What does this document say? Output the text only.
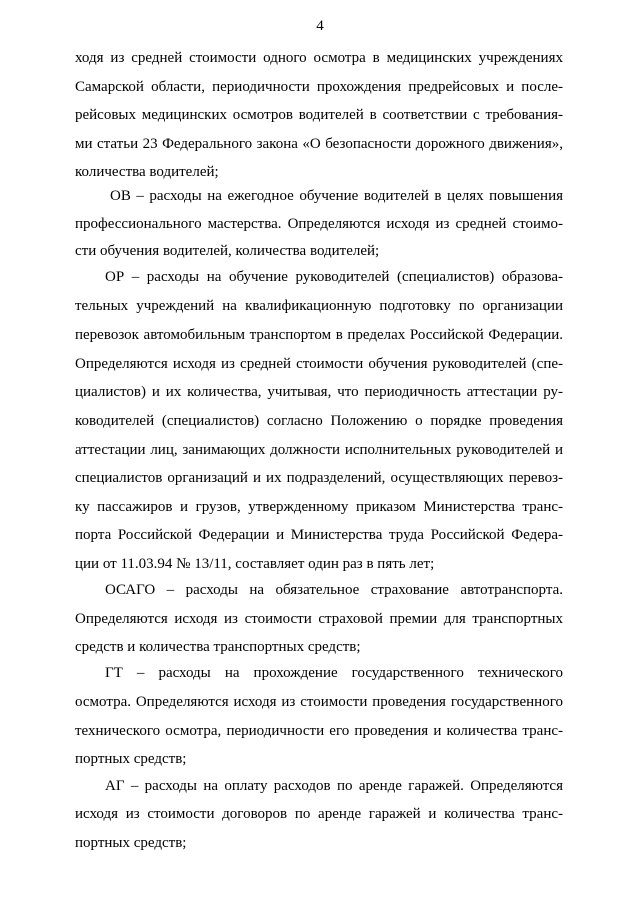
4
ходя из средней стоимости одного осмотра в медицинских учреждениях
Самарской области, периодичности прохождения предрейсовых и после-
рейсовых медицинских осмотров водителей в соответствии с требования-
ми статьи 23 Федерального закона «О безопасности дорожного движения»,
количества водителей;
ОВ – расходы на ежегодное обучение водителей в целях повышения
профессионального мастерства. Определяются исходя из средней стоимо-
сти обучения водителей, количества водителей;
ОР – расходы на обучение руководителей (специалистов) образова-
тельных учреждений на квалификационную подготовку по организации
перевозок автомобильным транспортом в пределах Российской Федерации.
Определяются исходя из средней стоимости обучения руководителей (спе-
циалистов) и их количества, учитывая, что периодичность аттестации ру-
ководителей (специалистов) согласно Положению о порядке проведения
аттестации лиц, занимающих должности исполнительных руководителей и
специалистов организаций и их подразделений, осуществляющих перевоз-
ку пассажиров и грузов, утвержденному приказом Министерства транс-
порта Российской Федерации и Министерства труда Российской Федера-
ции от 11.03.94 № 13/11, составляет один раз в пять лет;
ОСАГО – расходы на обязательное страхование автотранспорта.
Определяются исходя из стоимости страховой премии для транспортных
средств и количества транспортных средств;
ГТ – расходы на прохождение государственного технического
осмотра. Определяются исходя из стоимости проведения государственного
технического осмотра, периодичности его проведения и количества транс-
портных средств;
АГ – расходы на оплату расходов по аренде гаражей. Определяются
исходя из стоимости договоров по аренде гаражей и количества транс-
портных средств;
